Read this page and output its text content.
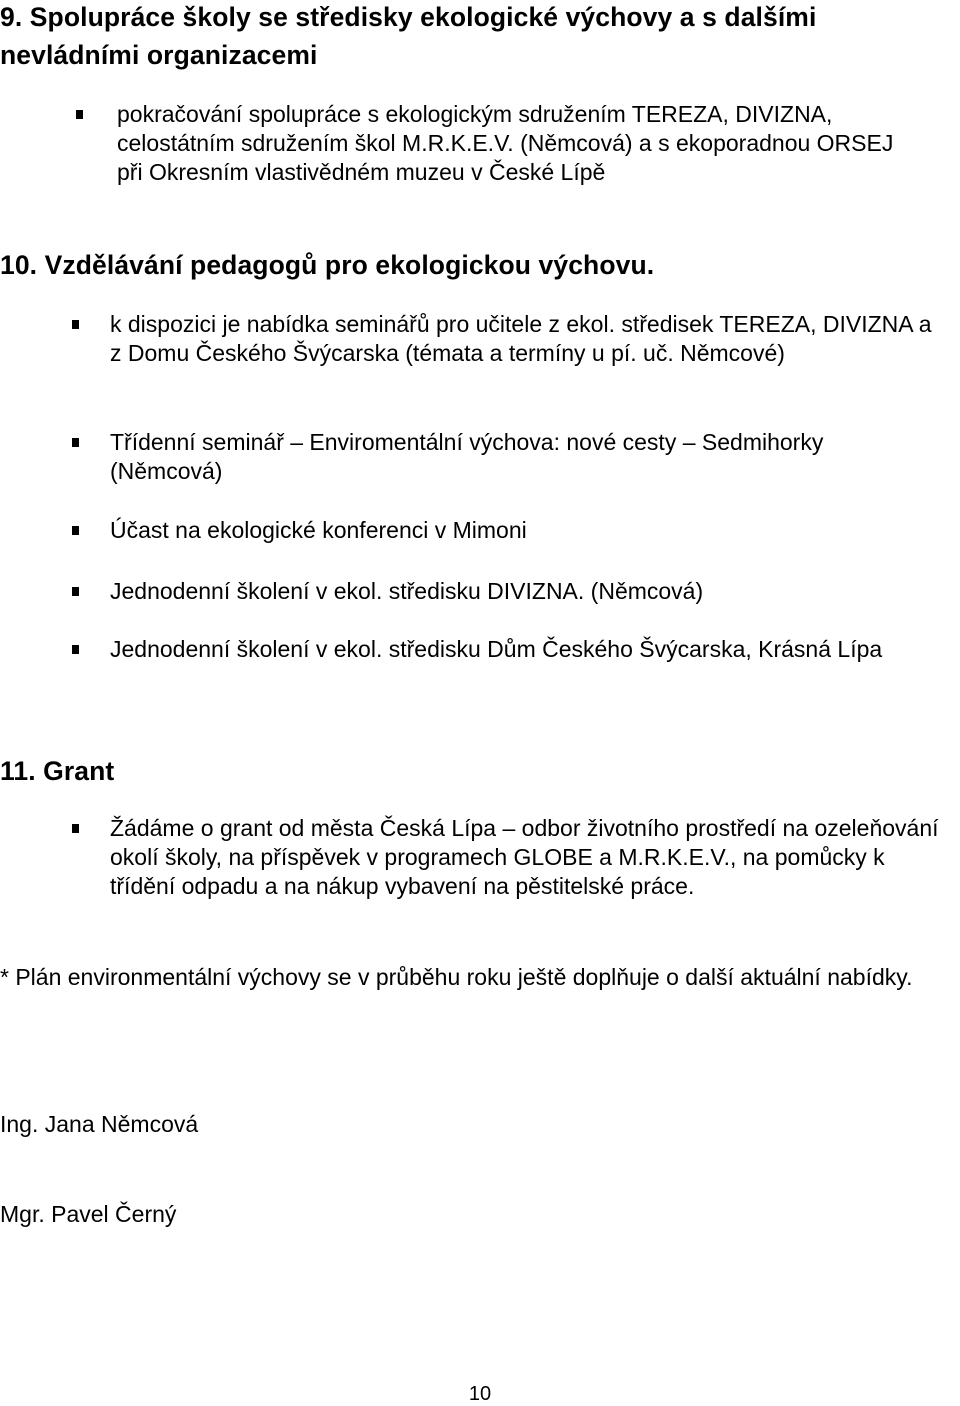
9. Spolupráce školy se středisky ekologické výchovy a s dalšími nevládními organizacemi
pokračování spolupráce s ekologickým sdružením TEREZA, DIVIZNA, celostátním sdružením škol M.R.K.E.V. (Němcová) a s ekoporadnou ORSEJ při Okresním vlastivědném muzeu v České Lípě
10. Vzdělávání pedagogů pro ekologickou výchovu.
k dispozici je nabídka seminářů pro učitele z ekol. středisek TEREZA, DIVIZNA a z Domu Českého Švýcarska (témata a termíny u pí. uč. Němcové)
Třídenní seminář – Enviromentální výchova: nové cesty – Sedmihorky (Němcová)
Účast na ekologické konferenci v Mimoni
Jednodenní školení v ekol. středisku DIVIZNA. (Němcová)
Jednodenní školení v ekol. středisku Dům Českého Švýcarska, Krásná Lípa
11. Grant
Žádáme o grant od města Česká Lípa – odbor životního prostředí na ozeleňování okolí školy, na příspěvek v programech GLOBE a M.R.K.E.V., na pomůcky k třídění odpadu a na nákup vybavení na pěstitelské práce.

* Plán environmentální výchovy se v průběhu roku ještě doplňuje o další aktuální nabídky.

Ing. Jana Němcová

Mgr. Pavel Černý

10
